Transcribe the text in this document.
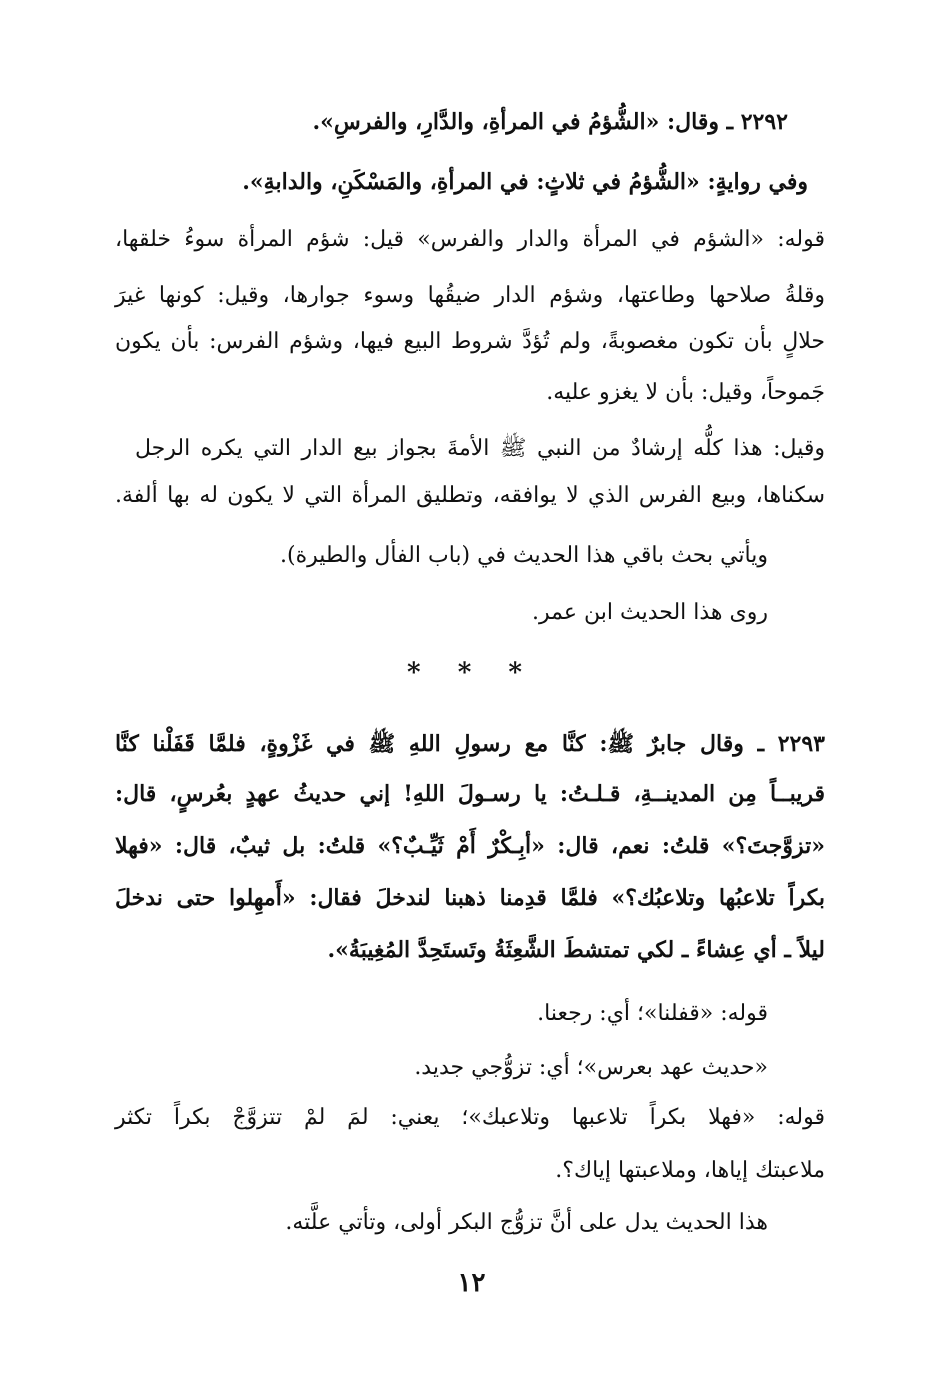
٢٢٩٢ ـ وقال: «الشُّؤمُ في المرأةِ، والدَّارِ، والفرسِ».
وفي روايةٍ: «الشُّؤمُ في ثلاثٍ: في المرأةِ، والمَسْكَنِ، والدابةِ».
قوله: «الشؤم في المرأة والدار والفرس» قيل: شؤم المرأة سوءُ خلقها،
وقلةُ صلاحها وطاعتها، وشؤم الدار ضيقُها وسوء جوارها، وقيل: كونها غيرَ
حلالٍ بأن تكون مغصوبةً، ولم تُؤدَّ شروط البيع فيها، وشؤم الفرس: بأن يكون
جَموحاً، وقيل: بأن لا يغزو عليه.
وقيل: هذا كلُّه إرشادٌ من النبي ﷺ الأمةَ بجواز بيع الدار التي يكره الرجل
سكناها، وبيع الفرس الذي لا يوافقه، وتطليق المرأة التي لا يكون له بها ألفة.
ويأتي بحث باقي هذا الحديث في (باب الفأل والطيرة).
روى هذا الحديث ابن عمر.
* * *
٢٢٩٣ ـ وقال جابرٌ ﷺ: كنَّا مع رسولِ اللهِ ﷺ في غَزْوةٍ، فلمَّا قَفَلْنا كنَّا
قريبــاً مِن المدينــةِ، قـلـتُ: يا رسـولَ اللهِ! إني حديثُ عهدٍ بعُرسٍ، قال:
«تزوَّجتَ؟» قلتُ: نعم، قال: «أبِـكْرٌ أَمْ ثَيِّـبٌ؟» قلتُ: بل ثيبٌ، قال: «فهلا
بكراً تلاعبُها وتلاعبُك؟» فلمَّا قدِمنا ذهبنا لندخلَ فقال: «أَمهِلوا حتى ندخلَ
ليلاً ـ أي عِشاءً ـ لكي تمتشطَ الشَّعِثَةُ وتَستَحِدَّ المُغِيبَةُ».
قوله: «قفلنا»؛ أي: رجعنا.
«حديث عهد بعرس»؛ أي: تزوُّجي جديد.
قوله: «فهلا بكراً تلاعبها وتلاعبك»؛ يعني: لمَ لمْ تتزوَّجْ بكراً تكثر
ملاعبتك إياها، وملاعبتها إياك؟.
هذا الحديث يدل على أنَّ تزوُّج البكر أولى، وتأتي علَّته.
١٢
